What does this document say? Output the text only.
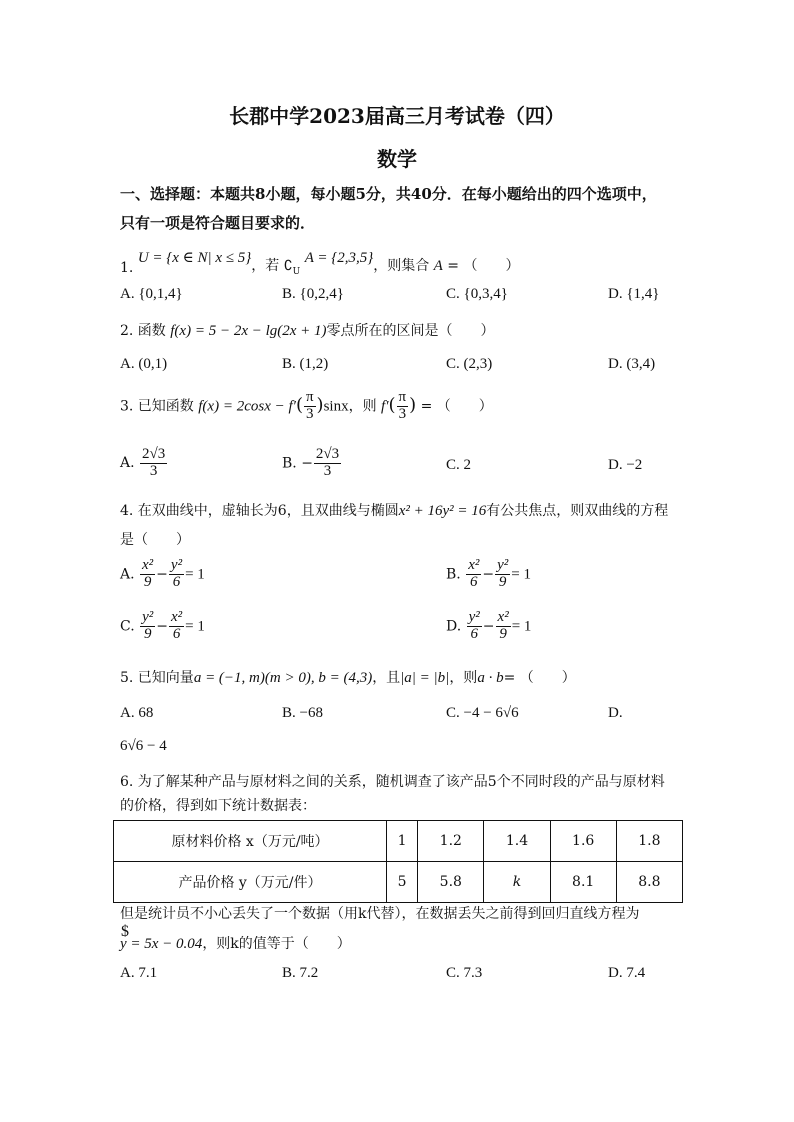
长郡中学2023届高三月考试卷（四）
数学
一、选择题：本题共8小题，每小题5分，共40分．在每小题给出的四个选项中，
只有一项是符合题目要求的．
1. U = {x ∈ N| x ≤ 5}，若 $∁_U$ A = {2,3,5}，则集合 A = （　　）
A. {0,1,4}	B. {0,2,4}	C. {0,3,4}	D. {1,4}
2. 函数 f(x) = 5 − 2x − lg(2x + 1)零点所在的区间是（　　）
A. (0,1)	B. (1,2)	C. (2,3)	D. (3,4)
3. 已知函数 $f(x) = 2\cos x - f'( \frac{\pi}{3} )\sin x$，则 $f'( \frac{\pi}{3}$ ) = （　　）
A. $\frac{2√3}{3}$	B. − $\frac{2√3}{3}$	C. 2	D. −2
4. 在双曲线中，虚轴长为6，且双曲线与椭圆x² + 16y² = 16有公共焦点，则双曲线的方程
是（　　）
A. $\frac{\text{x²}}{9} - \frac{\text{y²}}{6} = 1$	B. $\frac{\text{x²}}{6} - \frac{\text{y²}}{9} = 1$
C. $\frac{\text{y²}}{9} - \frac{\text{x²}}{6} = 1$	D. $\frac{\text{y²}}{6} - \frac{\text{x²}}{9} = 1$
5. 已知向量a = (−1, m)(m > 0), b = (4,3)，且|a| = |b|，则a · b= （　　）
A. 68	B. −68	C. −4 − 6√6	D.
6√6 − 4
6. 为了解某种产品与原材料之间的关系，随机调查了该产品5个不同时段的产品与原材料
的价格，得到如下统计数据表：
原材料价格 x（万元/吨）	1	1.2	1.4	1.6	1.8
产品价格 y（万元/件）	5	5.8	k	8.1	8.8
但是统计员不小心丢失了一个数据（用k代替），在数据丢失之前得到回归直线方程为
$
y = 5x − 0.04，则k的值等于（　　）
A. 7.1	B. 7.2	C. 7.3	D. 7.4
